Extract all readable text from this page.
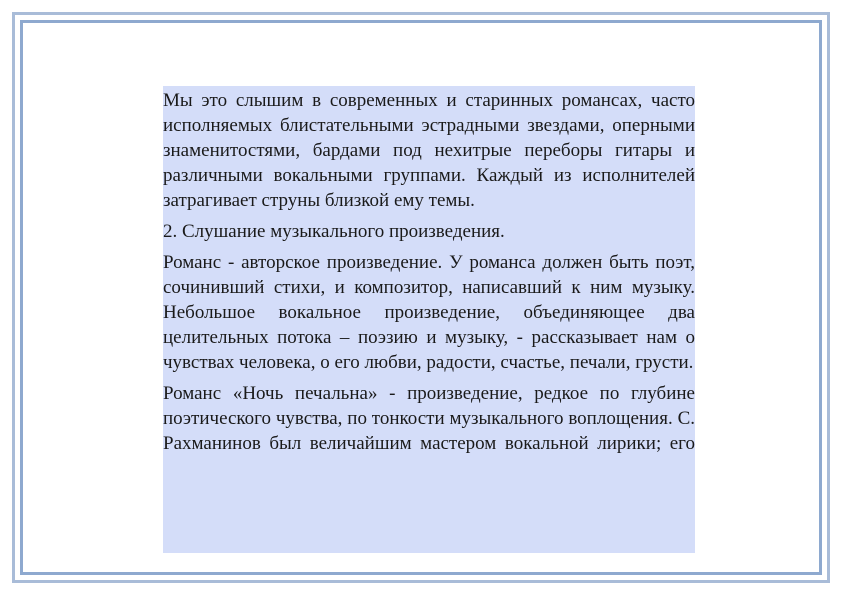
Мы это слышим в современных и старинных романсах, часто исполняемых блистательными эстрадными звездами, оперными знаменитостями, бардами под нехитрые переборы гитары и различными вокальными группами. Каждый из исполнителей затрагивает струны близкой ему темы.

2. Слушание музыкального произведения.

Романс - авторское произведение. У романса должен быть поэт, сочинивший стихи, и композитор, написавший к ним музыку. Небольшое вокальное произведение, объединяющее два целительных потока – поэзию и музыку, - рассказывает нам о чувствах человека, о его любви, радости, счастье, печали, грусти.

Романс «Ночь печальна» - произведение, редкое по глубине поэтического чувства, по тонкости музыкального воплощения. С. Рахманинов был величайшим мастером вокальной лирики; его
